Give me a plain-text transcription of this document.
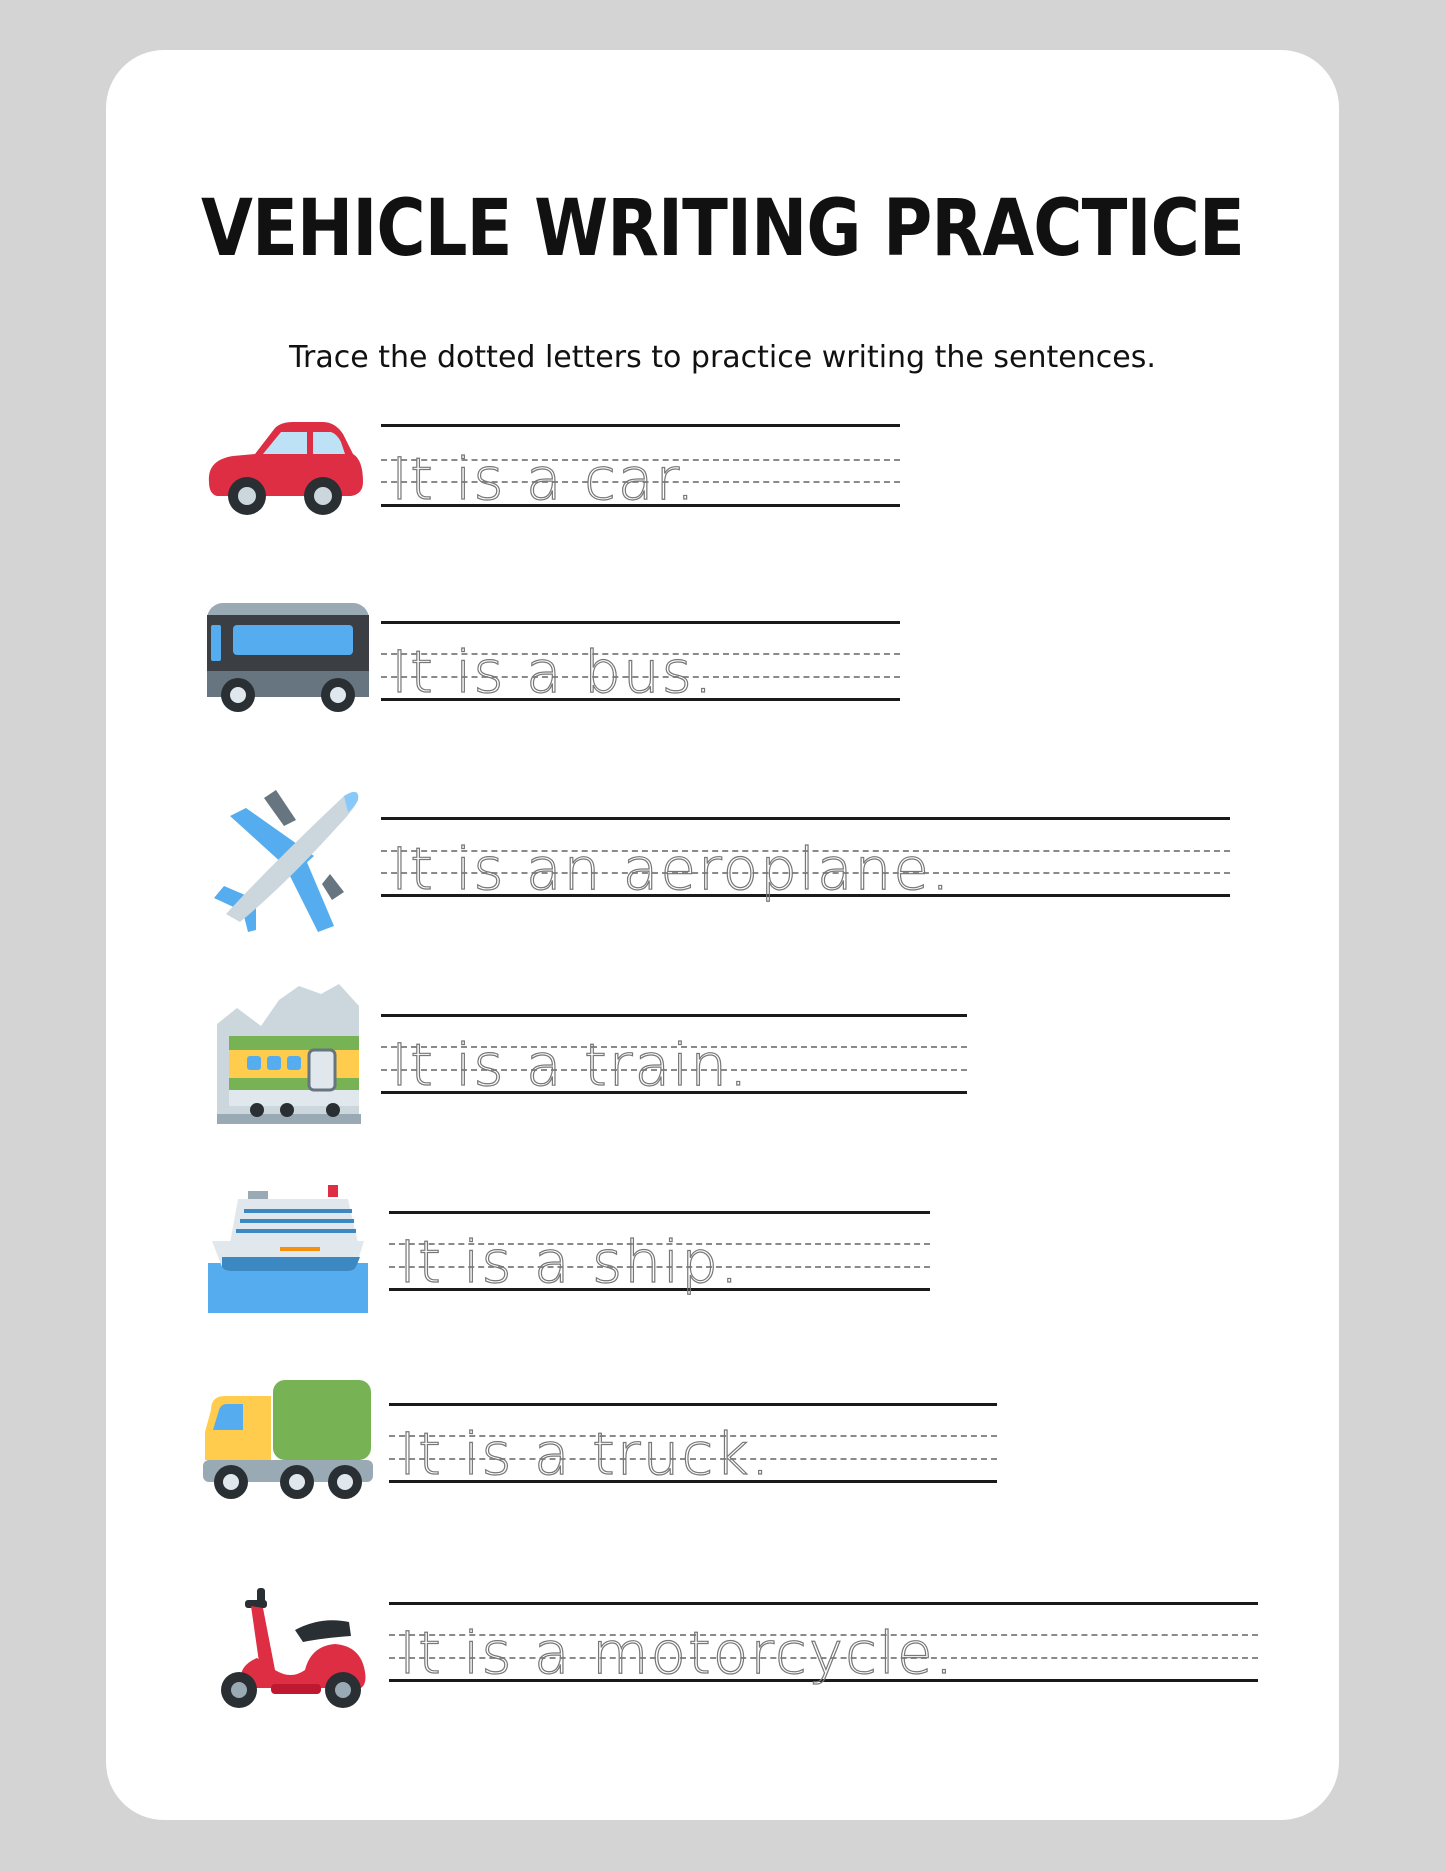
VEHICLE WRITING PRACTICE
Trace the dotted letters to practice writing the sentences.
It is a car.
It is a bus.
It is an aeroplane.
It is a train.
It is a ship.
It is a truck.
It is a motorcycle.
